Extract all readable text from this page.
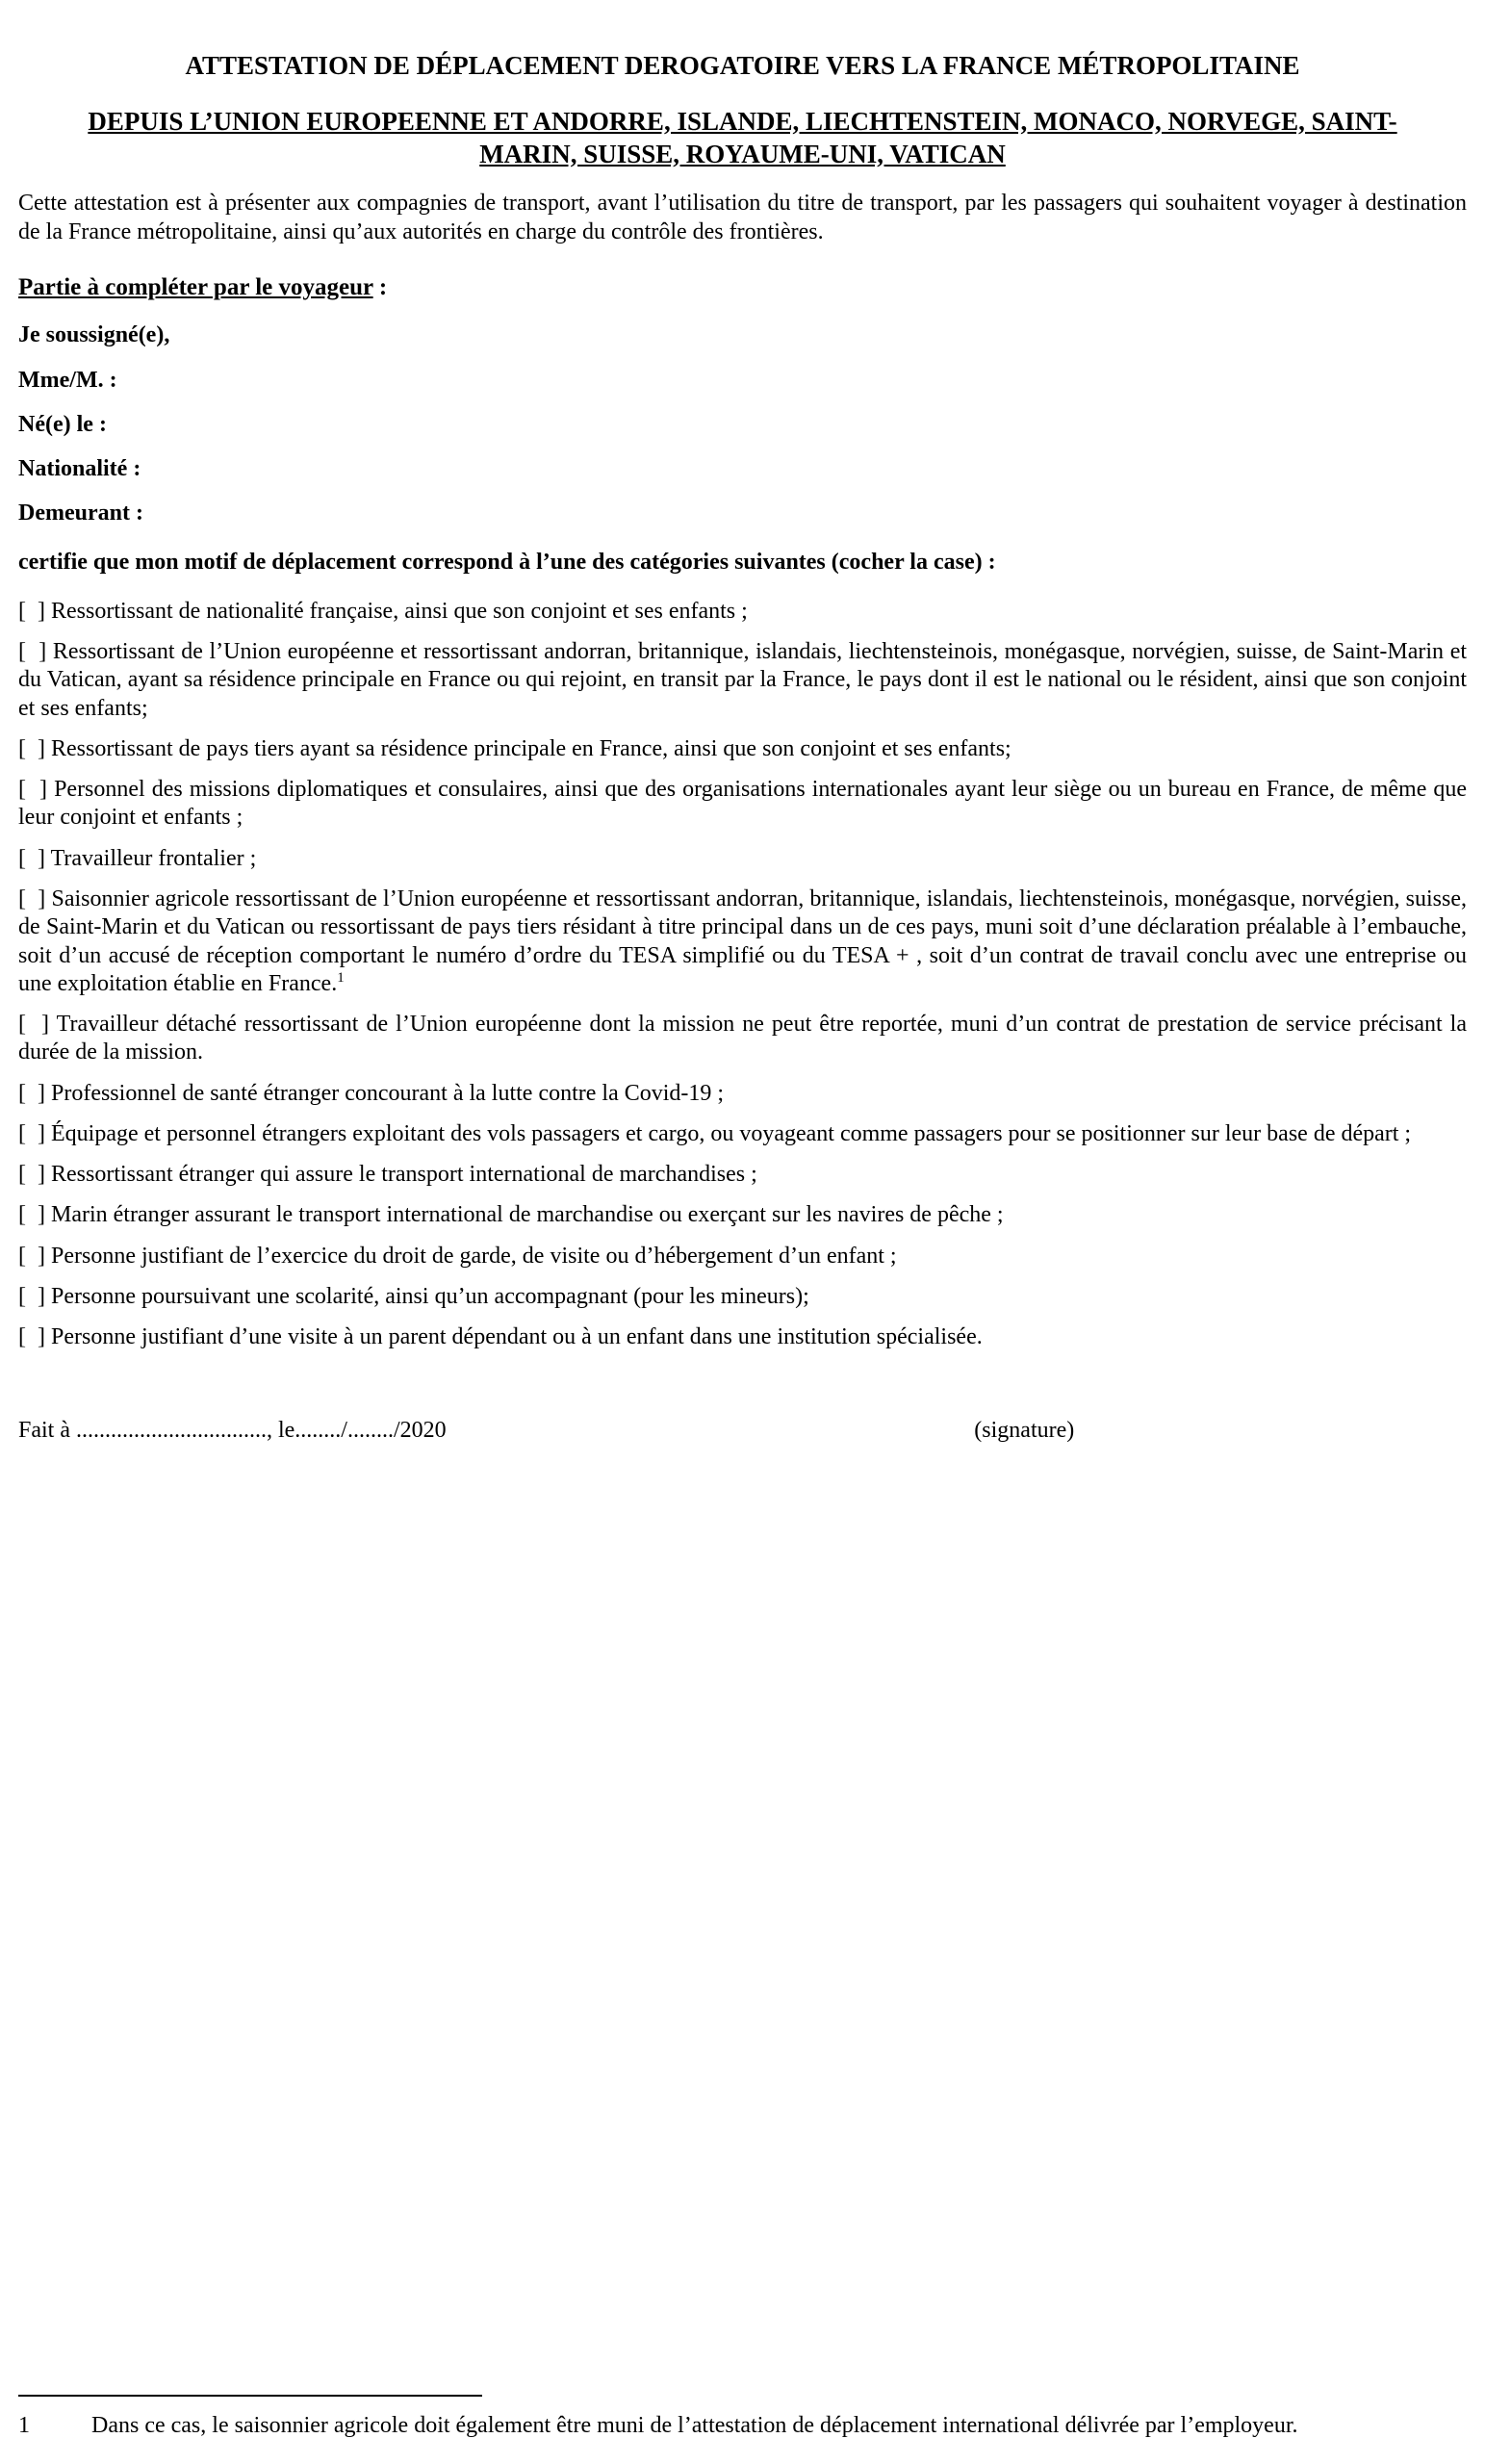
ATTESTATION DE DÉPLACEMENT DEROGATOIRE VERS LA FRANCE MÉTROPOLITAINE
DEPUIS L’UNION EUROPEENNE ET ANDORRE, ISLANDE, LIECHTENSTEIN, MONACO, NORVEGE, SAINT-MARIN, SUISSE, ROYAUME-UNI, VATICAN

Cette attestation est à présenter aux compagnies de transport, avant l’utilisation du titre de transport, par les passagers qui souhaitent voyager à destination de la France métropolitaine, ainsi qu’aux autorités en charge du contrôle des frontières.

Partie à compléter par le voyageur :

Je soussigné(e),

Mme/M. :

Né(e) le :

Nationalité :

Demeurant :

certifie que mon motif de déplacement correspond à l’une des catégories suivantes (cocher la case) :

[  ] Ressortissant de nationalité française, ainsi que son conjoint et ses enfants ;

[  ] Ressortissant de l’Union européenne et ressortissant andorran, britannique, islandais, liechtensteinois, monégasque, norvégien, suisse, de Saint-Marin et du Vatican, ayant sa résidence principale en France ou qui rejoint, en transit par la France, le pays dont il est le national ou le résident, ainsi que son conjoint et ses enfants;

[  ] Ressortissant de pays tiers ayant sa résidence principale en France, ainsi que son conjoint et ses enfants;

[  ] Personnel des missions diplomatiques et consulaires, ainsi que des organisations internationales ayant leur siège ou un bureau en France, de même que leur conjoint et enfants ;

[  ] Travailleur frontalier ;

[  ] Saisonnier agricole ressortissant de l’Union européenne et ressortissant andorran, britannique, islandais, liechtensteinois, monégasque, norvégien, suisse, de Saint-Marin et du Vatican ou ressortissant de pays tiers résidant à titre principal dans un de ces pays, muni soit d’une déclaration préalable à l’embauche, soit d’un accusé de réception comportant le numéro d’ordre du TESA simplifié ou du TESA + , soit d’un contrat de travail conclu avec une entreprise ou une exploitation établie en France.$^1$

[  ] Travailleur détaché ressortissant de l’Union européenne dont la mission ne peut être reportée, muni d’un contrat de prestation de service précisant la durée de la mission.

[  ] Professionnel de santé étranger concourant à la lutte contre la Covid-19 ;

[  ] Équipage et personnel étrangers exploitant des vols passagers et cargo, ou voyageant comme passagers pour se positionner sur leur base de départ ;

[  ] Ressortissant étranger qui assure le transport international de marchandises ;

[  ] Marin étranger assurant le transport international de marchandise ou exerçant sur les navires de pêche ;

[  ] Personne justifiant de l’exercice du droit de garde, de visite ou d’hébergement d’un enfant ;

[  ] Personne poursuivant une scolarité, ainsi qu’un accompagnant (pour les mineurs);

[  ] Personne justifiant d’une visite à un parent dépendant ou à un enfant dans une institution spécialisée.

Fait à ................................., le......../......../2020	(signature)

1	Dans ce cas, le saisonnier agricole doit également être muni de l’attestation de déplacement international délivrée par l’employeur.
